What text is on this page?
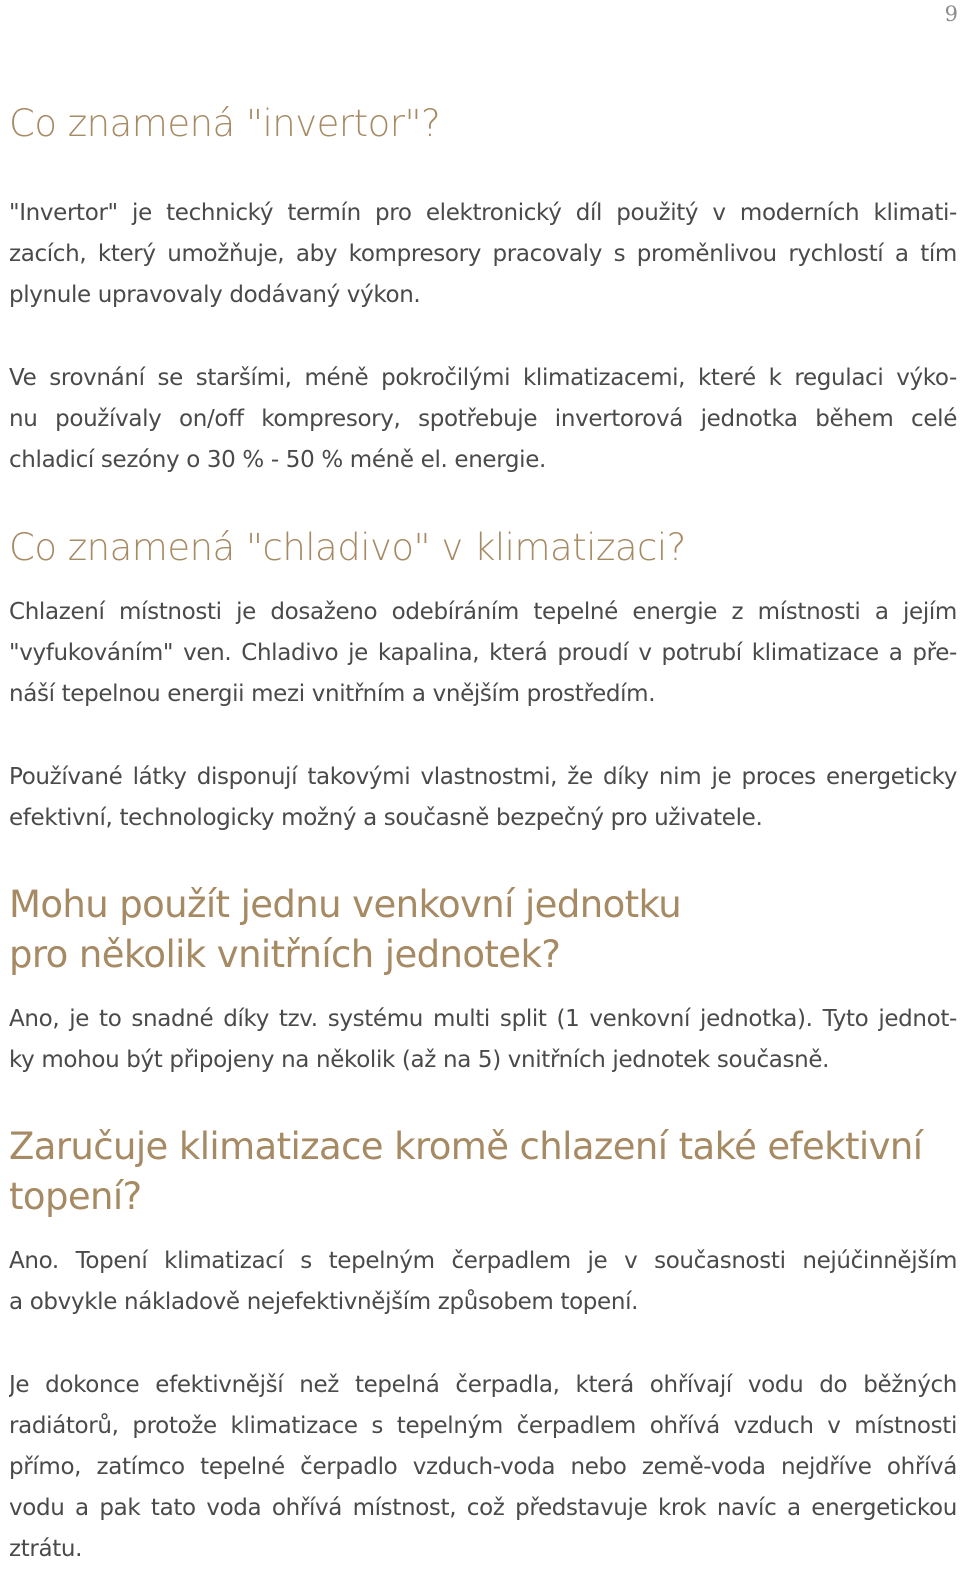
9
Co znamená "invertor"?

"Invertor" je technický termín pro elektronický díl použitý v moderních klimati-
zacích, který umožňuje, aby kompresory pracovaly s proměnlivou rychlostí a tím
plynule upravovaly dodávaný výkon.

Ve srovnání se staršími, méně pokročilými klimatizacemi, které k regulaci výko-
nu používaly on/off kompresory, spotřebuje invertorová jednotka během celé
chladicí sezóny o 30 % - 50 % méně el. energie.

Co znamená "chladivo" v klimatizaci?

Chlazení místnosti je dosaženo odebíráním tepelné energie z místnosti a jejím
"vyfukováním" ven. Chladivo je kapalina, která proudí v potrubí klimatizace a pře-
náší tepelnou energii mezi vnitřním a vnějším prostředím.

Používané látky disponují takovými vlastnostmi, že díky nim je proces energeticky
efektivní, technologicky možný a současně bezpečný pro uživatele.

Mohu použít jednu venkovní jednotku
pro několik vnitřních jednotek?

Ano, je to snadné díky tzv. systému multi split (1 venkovní jednotka). Tyto jednot-
ky mohou být připojeny na několik (až na 5) vnitřních jednotek současně.

Zaručuje klimatizace kromě chlazení také efektivní
topení?

Ano. Topení klimatizací s tepelným čerpadlem je v současnosti nejúčinnějším
a obvykle nákladově nejefektivnějším způsobem topení.

Je dokonce efektivnější než tepelná čerpadla, která ohřívají vodu do běžných
radiátorů, protože klimatizace s tepelným čerpadlem ohřívá vzduch v místnosti
přímo, zatímco tepelné čerpadlo vzduch-voda nebo země-voda nejdříve ohřívá
vodu a pak tato voda ohřívá místnost, což představuje krok navíc a energetickou
ztrátu.
